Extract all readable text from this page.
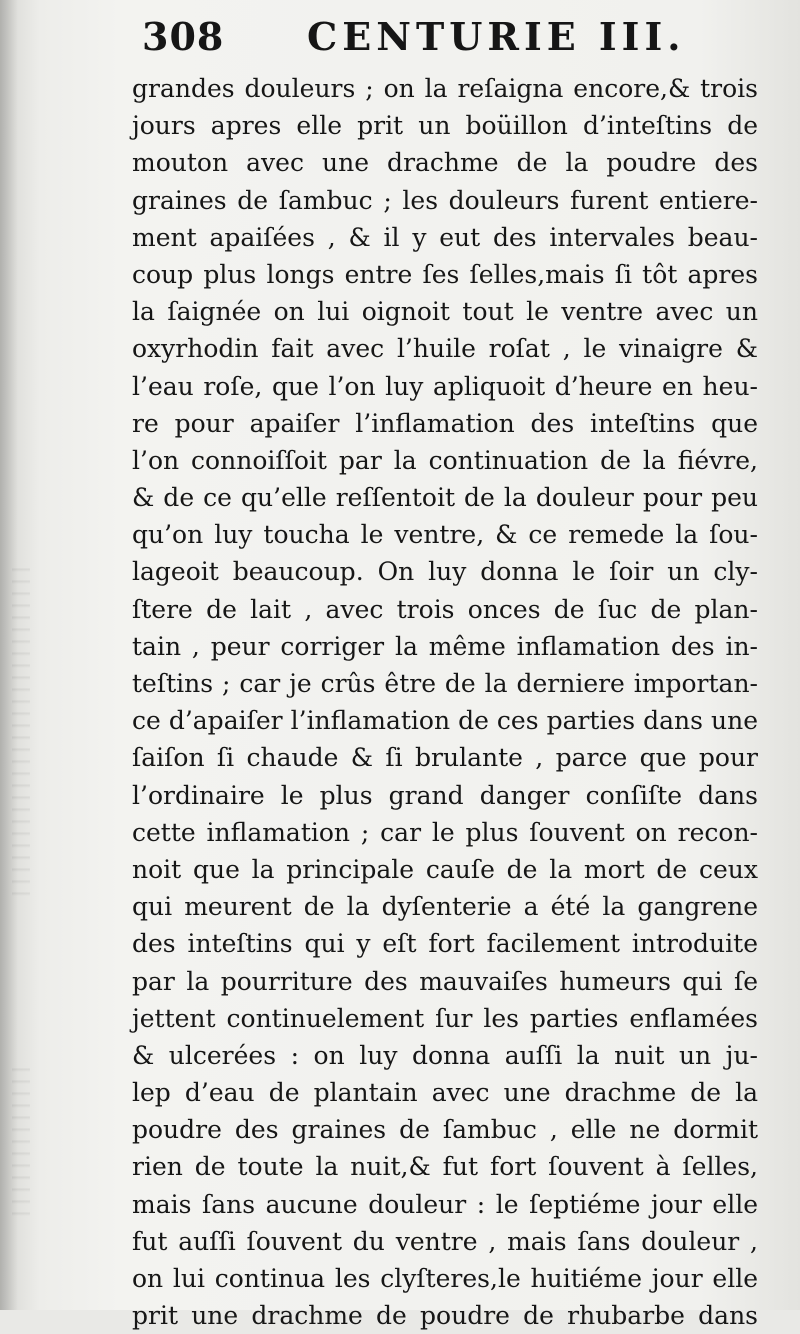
308 CENTURIE III.
grandes douleurs ; on la reſaigna encore,& trois
jours apres elle prit un boüillon d’inteſtins de
mouton avec une drachme de la poudre des
graines de ſambuc ; les douleurs furent entiere-
ment apaiſées , & il y eut des intervales beau-
coup plus longs entre ſes ſelles,mais ſi tôt apres
la ſaignée on lui oignoit tout le ventre avec un
oxyrhodin fait avec l’huile roſat , le vinaigre &
l’eau roſe, que l’on luy apliquoit d’heure en heu-
re pour apaiſer l’inflamation des inteſtins que
l’on connoiſſoit par la continuation de la fiévre,
& de ce qu’elle reſſentoit de la douleur pour peu
qu’on luy toucha le ventre, & ce remede la ſou-
lageoit beaucoup. On luy donna le ſoir un cly-
ſtere de lait , avec trois onces de ſuc de plan-
tain , peur corriger la même inflamation des in-
teſtins ; car je crûs être de la derniere importan-
ce d’apaiſer l’inflamation de ces parties dans une
ſaiſon ſi chaude & ſi brulante , parce que pour
l’ordinaire le plus grand danger conſiſte dans
cette inflamation ; car le plus ſouvent on recon-
noit que la principale cauſe de la mort de ceux
qui meurent de la dyſenterie a été la gangrene
des inteſtins qui y eſt fort facilement introduite
par la pourriture des mauvaiſes humeurs qui ſe
jettent continuelement ſur les parties enflamées
& ulcerées : on luy donna auſſi la nuit un ju-
lep d’eau de plantain avec une drachme de la
poudre des graines de ſambuc , elle ne dormit
rien de toute la nuit,& fut fort ſouvent à ſelles,
mais ſans aucune douleur : le ſeptiéme jour elle
fut auſſi ſouvent du ventre , mais ſans douleur ,
on lui continua les clyſteres,le huitiéme jour elle
prit une drachme de poudre de rhubarbe dans
